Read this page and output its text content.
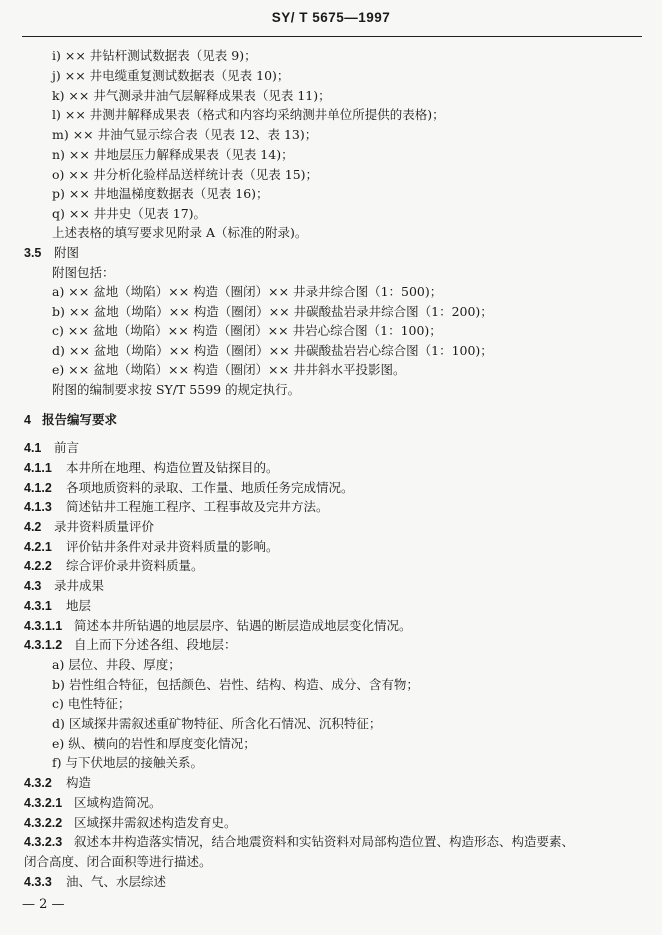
SY/ T 5675—1997
i) ×× 井钻杆测试数据表（见表 9)；
j) ×× 井电缆重复测试数据表（见表 10)；
k) ×× 井气测录井油气层解释成果表（见表 11)；
l) ×× 井测井解释成果表（格式和内容均采纳测井单位所提供的表格)；
m) ×× 井油气显示综合表（见表 12、表 13)；
n) ×× 井地层压力解释成果表（见表 14)；
o) ×× 井分析化验样品送样统计表（见表 15)；
p) ×× 井地温梯度数据表（见表 16)；
q) ×× 井井史（见表 17)。
上述表格的填写要求见附录 A（标准的附录)。
3.5 附图
附图包括：
a) ×× 盆地（坳陷）×× 构造（圈闭）×× 井录井综合图（1：500)；
b) ×× 盆地（坳陷）×× 构造（圈闭）×× 井碳酸盐岩录井综合图（1：200)；
c) ×× 盆地（坳陷）×× 构造（圈闭）×× 井岩心综合图（1：100)；
d) ×× 盆地（坳陷）×× 构造（圈闭）×× 井碳酸盐岩岩心综合图（1：100)；
e) ×× 盆地（坳陷）×× 构造（圈闭）×× 井井斜水平投影图。
附图的编制要求按 SY/T 5599 的规定执行。
4 报告编写要求
4.1 前言
4.1.1 本井所在地理、构造位置及钻探目的。
4.1.2 各项地质资料的录取、工作量、地质任务完成情况。
4.1.3 简述钻井工程施工程序、工程事故及完井方法。
4.2 录井资料质量评价
4.2.1 评价钻井条件对录井资料质量的影响。
4.2.2 综合评价录井资料质量。
4.3 录井成果
4.3.1 地层
4.3.1.1 简述本井所钻遇的地层层序、钻遇的断层造成地层变化情况。
4.3.1.2 自上而下分述各组、段地层：
a) 层位、井段、厚度；
b) 岩性组合特征，包括颜色、岩性、结构、构造、成分、含有物；
c) 电性特征；
d) 区域探井需叙述重矿物特征、所含化石情况、沉积特征；
e) 纵、横向的岩性和厚度变化情况；
f) 与下伏地层的接触关系。
4.3.2 构造
4.3.2.1 区域构造简况。
4.3.2.2 区域探井需叙述构造发育史。
4.3.2.3 叙述本井构造落实情况，结合地震资料和实钻资料对局部构造位置、构造形态、构造要素、
闭合高度、闭合面积等进行描述。
4.3.3 油、气、水层综述
— 2 —
